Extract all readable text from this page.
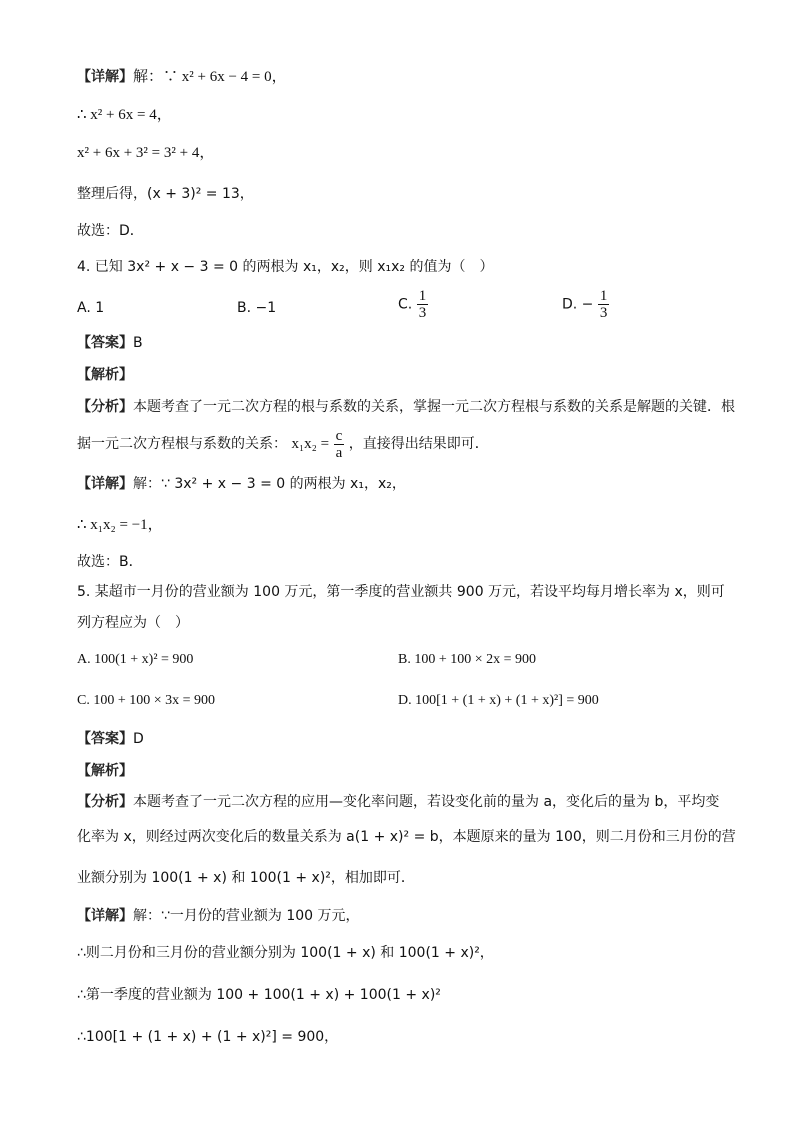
【详解】解：∵ x² + 6x − 4 = 0，
∴ x² + 6x = 4，
x² + 6x + 3² = 3² + 4，
整理后得，(x + 3)² = 13，
故选：D．
4. 已知 3x² + x − 3 = 0 的两根为 x₁，x₂，则 x₁x₂ 的值为（　）
A. 1	B. −1	C. $\frac{1}{3}$	D. − $\frac{1}{3}$
【答案】B
【解析】
【分析】本题考查了一元二次方程的根与系数的关系，掌握一元二次方程根与系数的关系是解题的关键．根
据一元二次方程根与系数的关系： $x_1x_2 = \frac{c}{a}$ ，直接得出结果即可．
【详解】解：∵ 3x² + x − 3 = 0 的两根为 x₁，x₂，
∴ x₁x₂ = −1，
故选：B．
5. 某超市一月份的营业额为 100 万元，第一季度的营业额共 900 万元，若设平均每月增长率为 x，则可
列方程应为（　）
A. 100(1 + x)² = 900	B. 100 + 100 × 2x = 900
C. 100 + 100 × 3x = 900	D. 100[1 + (1 + x) + (1 + x)²] = 900
【答案】D
【解析】
【分析】本题考查了一元二次方程的应用—变化率问题，若设变化前的量为 a，变化后的量为 b，平均变
化率为 x，则经过两次变化后的数量关系为 a(1 + x)² = b，本题原来的量为 100，则二月份和三月份的营
业额分别为 100(1 + x) 和 100(1 + x)²，相加即可．
【详解】解：∵一月份的营业额为 100 万元，
∴则二月份和三月份的营业额分别为 100(1 + x) 和 100(1 + x)²，
∴第一季度的营业额为 100 + 100(1 + x) + 100(1 + x)²
∴100[1 + (1 + x) + (1 + x)²] = 900，
